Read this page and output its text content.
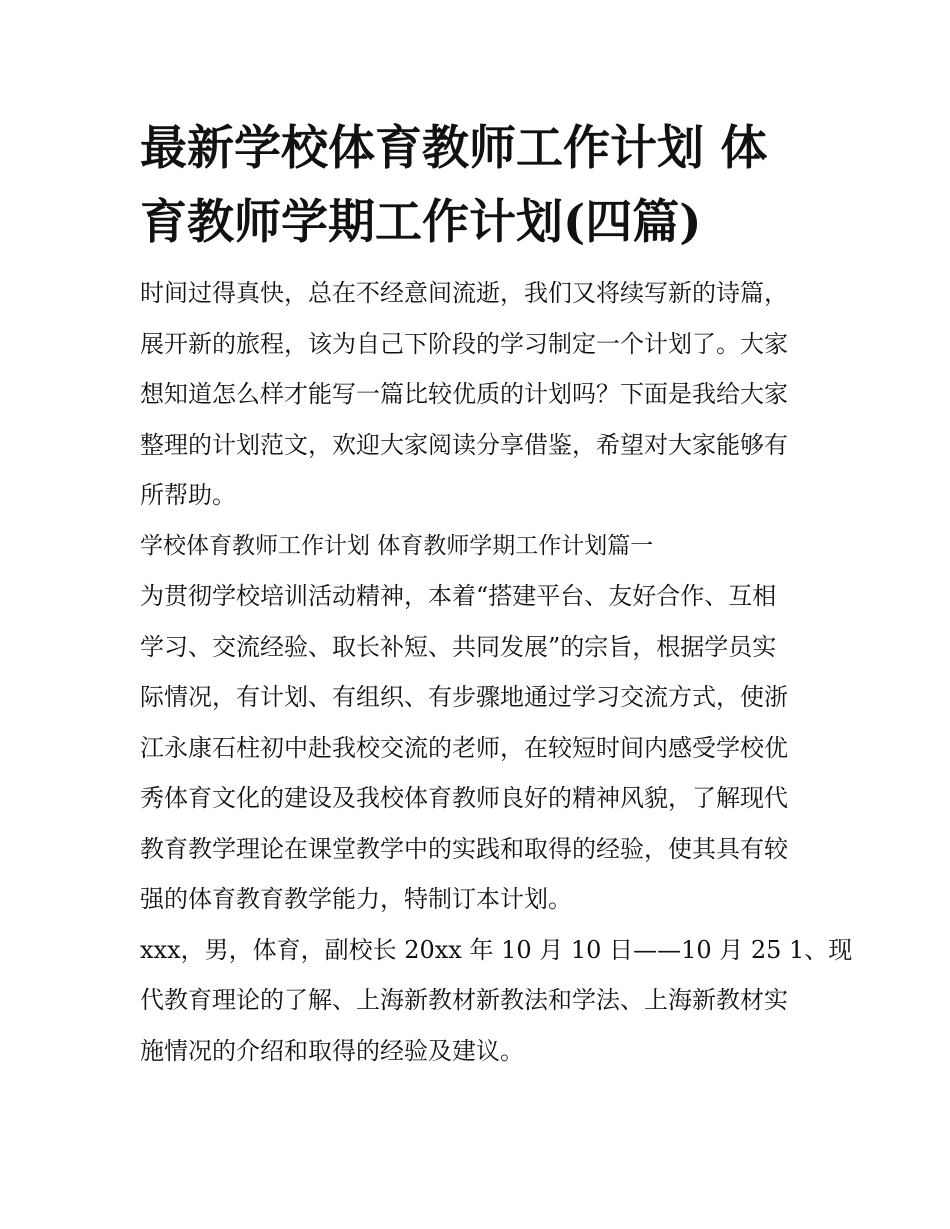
最新学校体育教师工作计划 体
育教师学期工作计划(四篇)
时间过得真快，总在不经意间流逝，我们又将续写新的诗篇，
展开新的旅程，该为自己下阶段的学习制定一个计划了。大家
想知道怎么样才能写一篇比较优质的计划吗？下面是我给大家
整理的计划范文，欢迎大家阅读分享借鉴，希望对大家能够有
所帮助。
学校体育教师工作计划 体育教师学期工作计划篇一
为贯彻学校培训活动精神，本着“搭建平台、友好合作、互相
学习、交流经验、取长补短、共同发展”的宗旨，根据学员实
际情况，有计划、有组织、有步骤地通过学习交流方式，使浙
江永康石柱初中赴我校交流的老师，在较短时间内感受学校优
秀体育文化的建设及我校体育教师良好的精神风貌，了解现代
教育教学理论在课堂教学中的实践和取得的经验，使其具有较
强的体育教育教学能力，特制订本计划。
xxx，男，体育，副校长 20xx 年 10 月 10 日——10 月 25 1、现
代教育理论的了解、上海新教材新教法和学法、上海新教材实
施情况的介绍和取得的经验及建议。
